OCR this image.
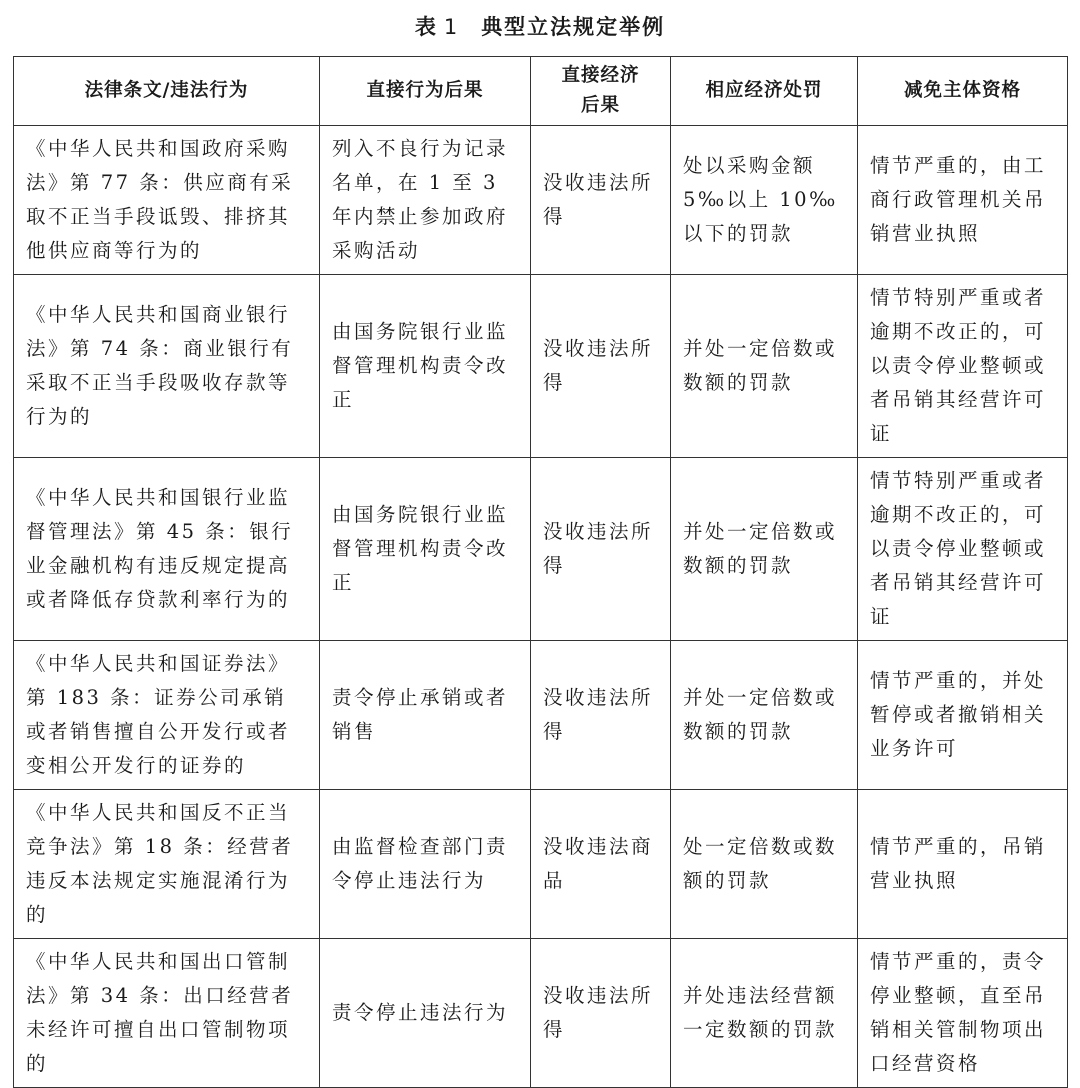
表 1 典型立法规定举例
法律条文/违法行为	直接行为后果	直接经济后果	相应经济处罚	减免主体资格
《中华人民共和国政府采购法》第 77 条：供应商有采取不正当手段诋毁、排挤其他供应商等行为的	列入不良行为记录名单，在 1 至 3 年内禁止参加政府采购活动	没收违法所得	处以采购金额 5‰以上 10‰以下的罚款	情节严重的，由工商行政管理机关吊销营业执照
《中华人民共和国商业银行法》第 74 条：商业银行有采取不正当手段吸收存款等行为的	由国务院银行业监督管理机构责令改正	没收违法所得	并处一定倍数或数额的罚款	情节特别严重或者逾期不改正的，可以责令停业整顿或者吊销其经营许可证
《中华人民共和国银行业监督管理法》第 45 条：银行业金融机构有违反规定提高或者降低存贷款利率行为的	由国务院银行业监督管理机构责令改正	没收违法所得	并处一定倍数或数额的罚款	情节特别严重或者逾期不改正的，可以责令停业整顿或者吊销其经营许可证
《中华人民共和国证券法》第 183 条：证券公司承销或者销售擅自公开发行或者变相公开发行的证券的	责令停止承销或者销售	没收违法所得	并处一定倍数或数额的罚款	情节严重的，并处暂停或者撤销相关业务许可
《中华人民共和国反不正当竞争法》第 18 条：经营者违反本法规定实施混淆行为的	由监督检查部门责令停止违法行为	没收违法商品	处一定倍数或数额的罚款	情节严重的，吊销营业执照
《中华人民共和国出口管制法》第 34 条：出口经营者未经许可擅自出口管制物项的	责令停止违法行为	没收违法所得	并处违法经营额一定数额的罚款	情节严重的，责令停业整顿，直至吊销相关管制物项出口经营资格
